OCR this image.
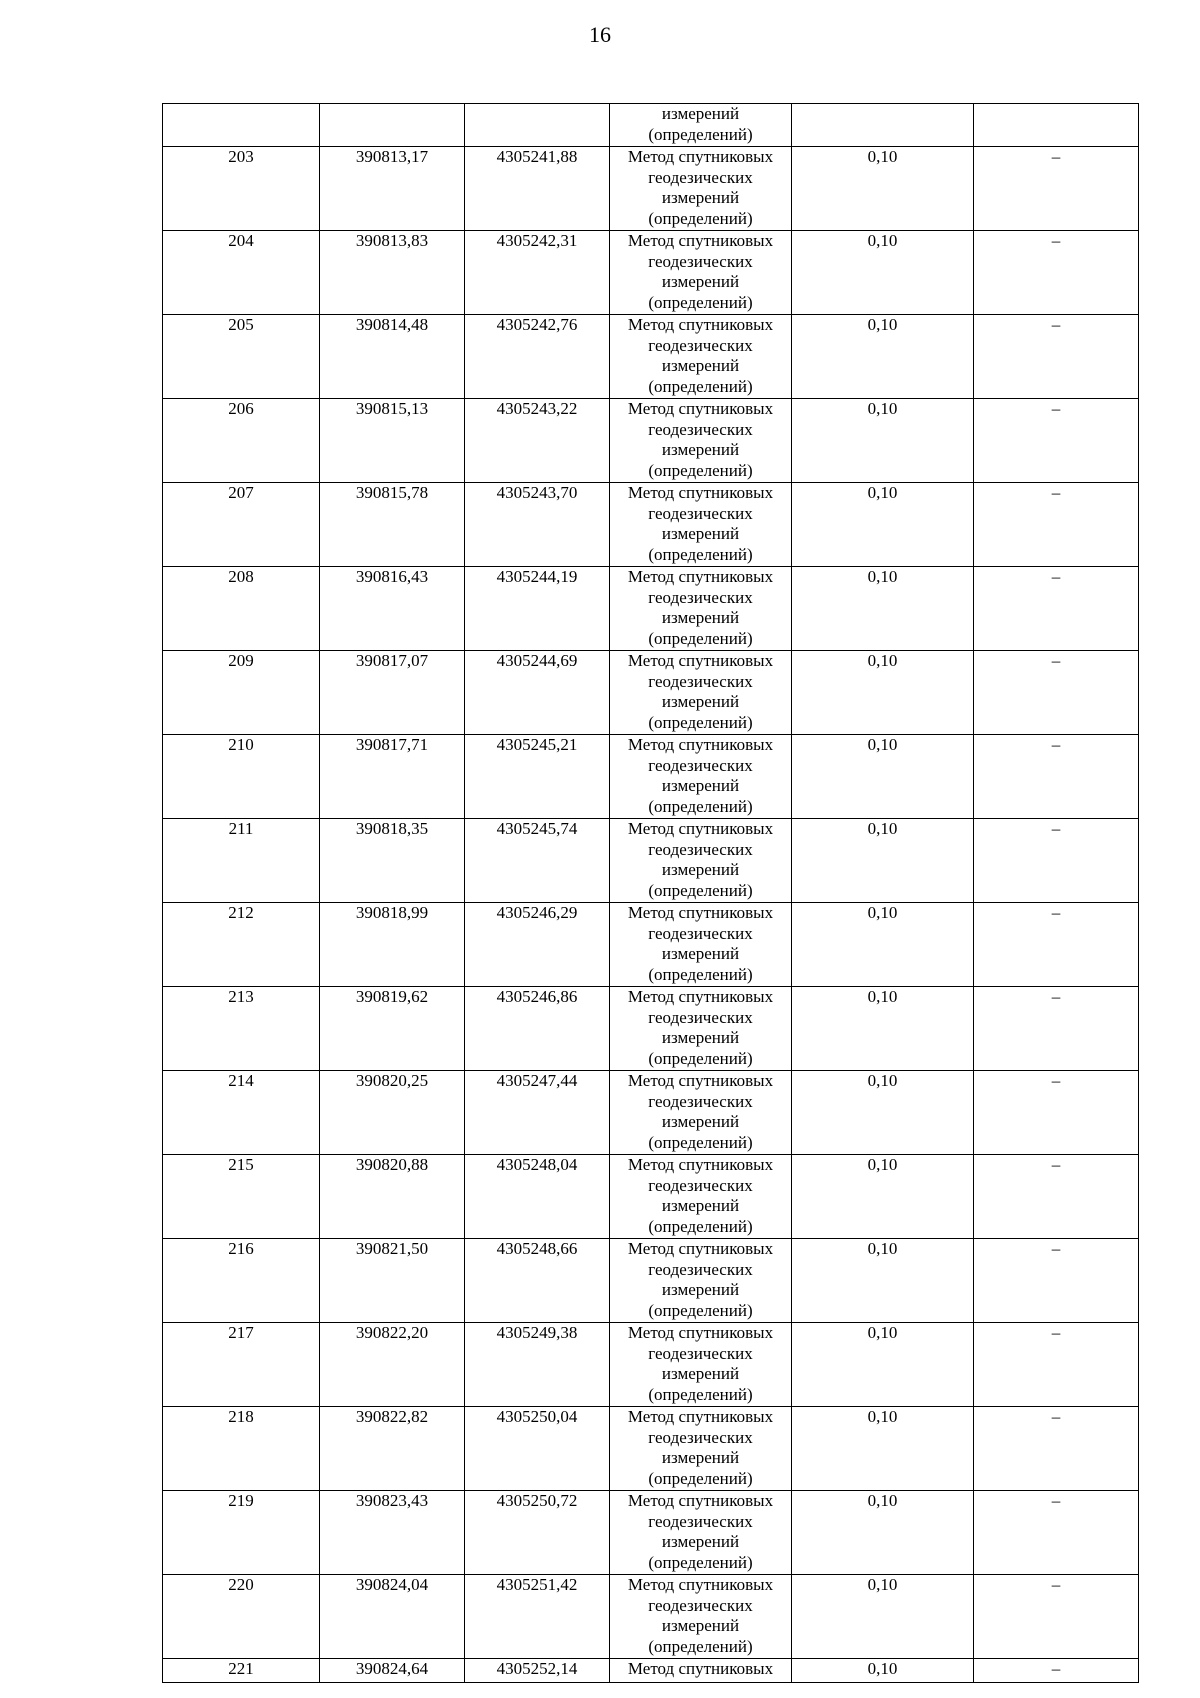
16

			измерений
(определений)		

203	390813,17	4305241,88	Метод спутниковых
геодезических
измерений
(определений)	0,10	–

204	390813,83	4305242,31	Метод спутниковых
геодезических
измерений
(определений)	0,10	–

205	390814,48	4305242,76	Метод спутниковых
геодезических
измерений
(определений)	0,10	–

206	390815,13	4305243,22	Метод спутниковых
геодезических
измерений
(определений)	0,10	–

207	390815,78	4305243,70	Метод спутниковых
геодезических
измерений
(определений)	0,10	–

208	390816,43	4305244,19	Метод спутниковых
геодезических
измерений
(определений)	0,10	–

209	390817,07	4305244,69	Метод спутниковых
геодезических
измерений
(определений)	0,10	–

210	390817,71	4305245,21	Метод спутниковых
геодезических
измерений
(определений)	0,10	–

211	390818,35	4305245,74	Метод спутниковых
геодезических
измерений
(определений)	0,10	–

212	390818,99	4305246,29	Метод спутниковых
геодезических
измерений
(определений)	0,10	–

213	390819,62	4305246,86	Метод спутниковых
геодезических
измерений
(определений)	0,10	–

214	390820,25	4305247,44	Метод спутниковых
геодезических
измерений
(определений)	0,10	–

215	390820,88	4305248,04	Метод спутниковых
геодезических
измерений
(определений)	0,10	–

216	390821,50	4305248,66	Метод спутниковых
геодезических
измерений
(определений)	0,10	–

217	390822,20	4305249,38	Метод спутниковых
геодезических
измерений
(определений)	0,10	–

218	390822,82	4305250,04	Метод спутниковых
геодезических
измерений
(определений)	0,10	–

219	390823,43	4305250,72	Метод спутниковых
геодезических
измерений
(определений)	0,10	–

220	390824,04	4305251,42	Метод спутниковых
геодезических
измерений
(определений)	0,10	–

221	390824,64	4305252,14	Метод спутниковых	0,10	–
